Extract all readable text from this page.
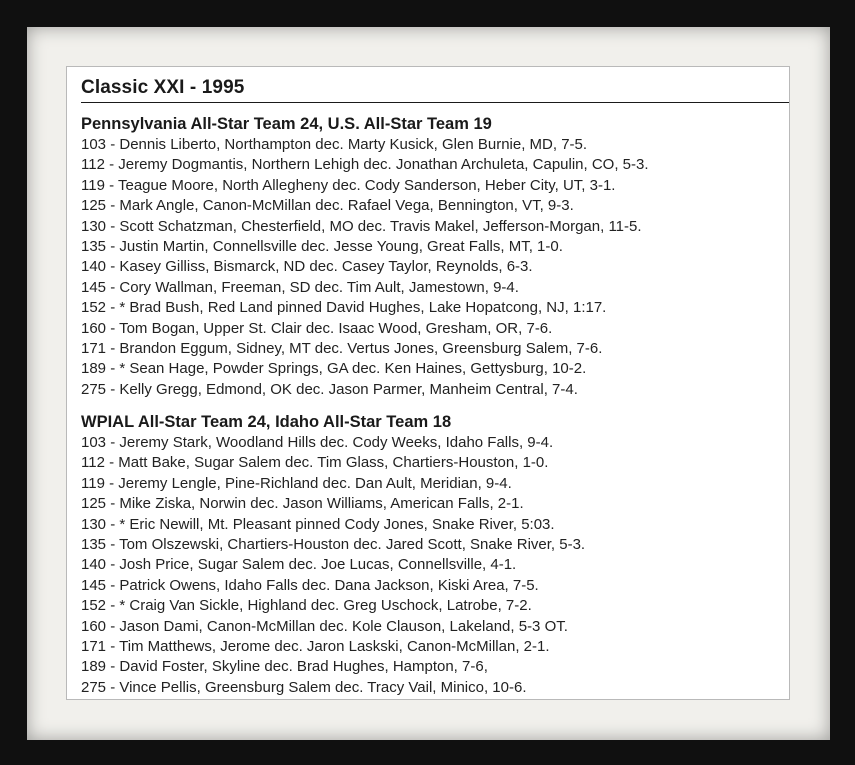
Classic XXI - 1995
Pennsylvania All-Star Team 24, U.S. All-Star Team 19
103 - Dennis Liberto, Northampton dec. Marty Kusick, Glen Burnie, MD, 7-5.
112 - Jeremy Dogmantis, Northern Lehigh dec. Jonathan Archuleta, Capulin, CO, 5-3.
119 - Teague Moore, North Allegheny dec. Cody Sanderson, Heber City, UT, 3-1.
125 - Mark Angle, Canon-McMillan dec. Rafael Vega, Bennington, VT, 9-3.
130 - Scott Schatzman, Chesterfield, MO dec. Travis Makel, Jefferson-Morgan, 11-5.
135 - Justin Martin, Connellsville dec. Jesse Young, Great Falls, MT, 1-0.
140 - Kasey Gilliss, Bismarck, ND dec. Casey Taylor, Reynolds, 6-3.
145 - Cory Wallman, Freeman, SD dec. Tim Ault, Jamestown, 9-4.
152 - * Brad Bush, Red Land pinned David Hughes, Lake Hopatcong, NJ, 1:17.
160 - Tom Bogan, Upper St. Clair dec. Isaac Wood, Gresham, OR, 7-6.
171 - Brandon Eggum, Sidney, MT dec. Vertus Jones, Greensburg Salem, 7-6.
189 - * Sean Hage, Powder Springs, GA dec. Ken Haines, Gettysburg, 10-2.
275 - Kelly Gregg, Edmond, OK dec. Jason Parmer, Manheim Central, 7-4.
WPIAL All-Star Team 24, Idaho All-Star Team 18
103 - Jeremy Stark, Woodland Hills dec. Cody Weeks, Idaho Falls, 9-4.
112 - Matt Bake, Sugar Salem dec. Tim Glass, Chartiers-Houston, 1-0.
119 - Jeremy Lengle, Pine-Richland dec. Dan Ault, Meridian, 9-4.
125 - Mike Ziska, Norwin dec. Jason Williams, American Falls, 2-1.
130 - * Eric Newill, Mt. Pleasant pinned Cody Jones, Snake River, 5:03.
135 - Tom Olszewski, Chartiers-Houston dec. Jared Scott, Snake River, 5-3.
140 - Josh Price, Sugar Salem dec. Joe Lucas, Connellsville, 4-1.
145 - Patrick Owens, Idaho Falls dec. Dana Jackson, Kiski Area, 7-5.
152 - * Craig Van Sickle, Highland dec. Greg Uschock, Latrobe, 7-2.
160 - Jason Dami, Canon-McMillan dec. Kole Clauson, Lakeland, 5-3 OT.
171 - Tim Matthews, Jerome dec. Jaron Laskski, Canon-McMillan, 2-1.
189 - David Foster, Skyline dec. Brad Hughes, Hampton, 7-6,
275 - Vince Pellis, Greensburg Salem dec. Tracy Vail, Minico, 10-6.
